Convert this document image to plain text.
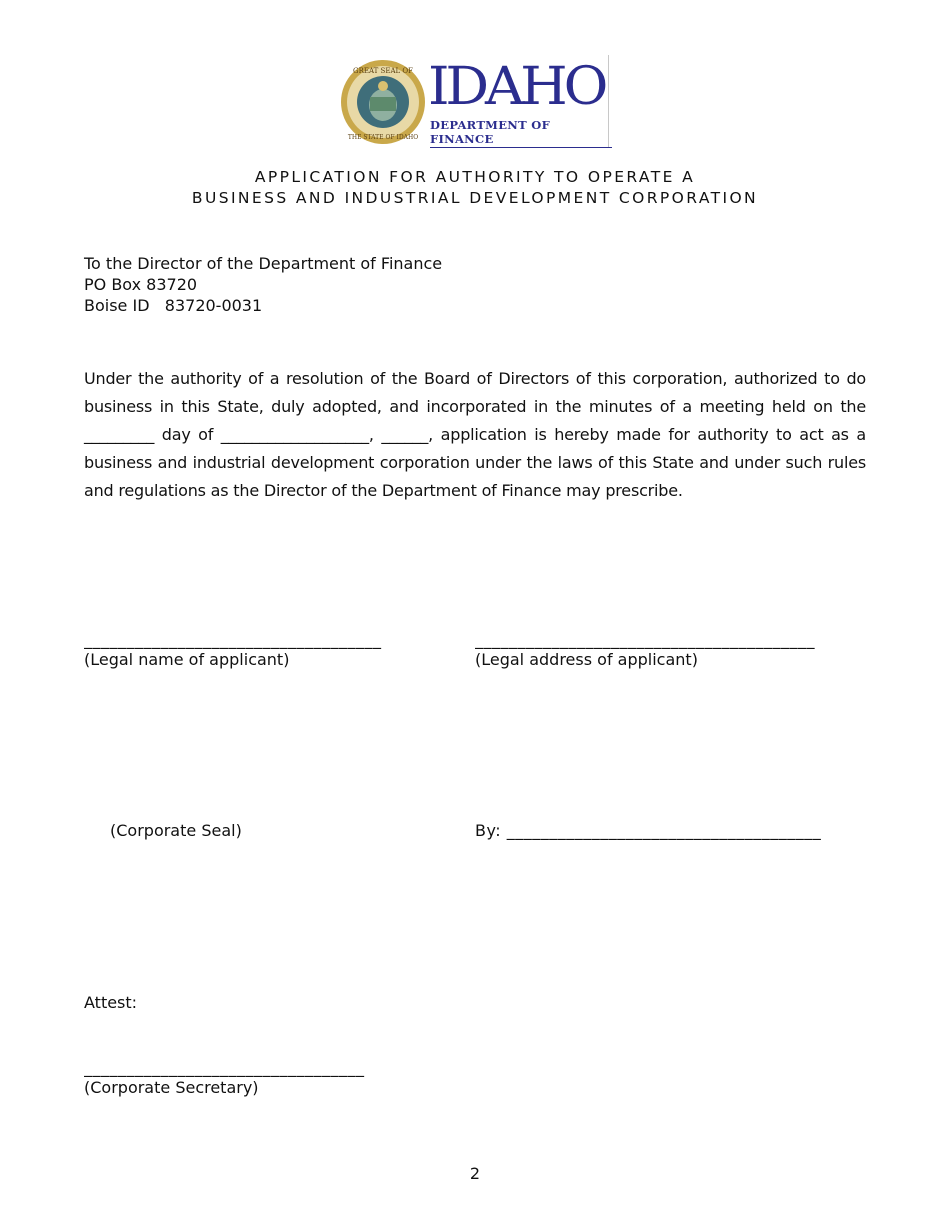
GREAT SEAL OF
THE STATE OF IDAHO
IDAHO
DEPARTMENT OF FINANCE
APPLICATION FOR AUTHORITY TO OPERATE A
BUSINESS AND INDUSTRIAL DEVELOPMENT CORPORATION
To the Director of the Department of Finance
PO Box 83720
Boise ID   83720-0031
Under the authority of a resolution of the Board of Directors of this corporation, authorized to do business in this State, duly adopted, and incorporated in the minutes of a meeting held on the _________ day of ___________________, ______, application is hereby made for authority to act as a business and industrial development corporation under the laws of this State and under such rules and regulations as the Director of the Department of Finance may prescribe.
___________________________________
(Legal name of applicant)
________________________________________
(Legal address of applicant)
(Corporate Seal)	By: _____________________________________
Attest:
_________________________________
(Corporate Secretary)
2
